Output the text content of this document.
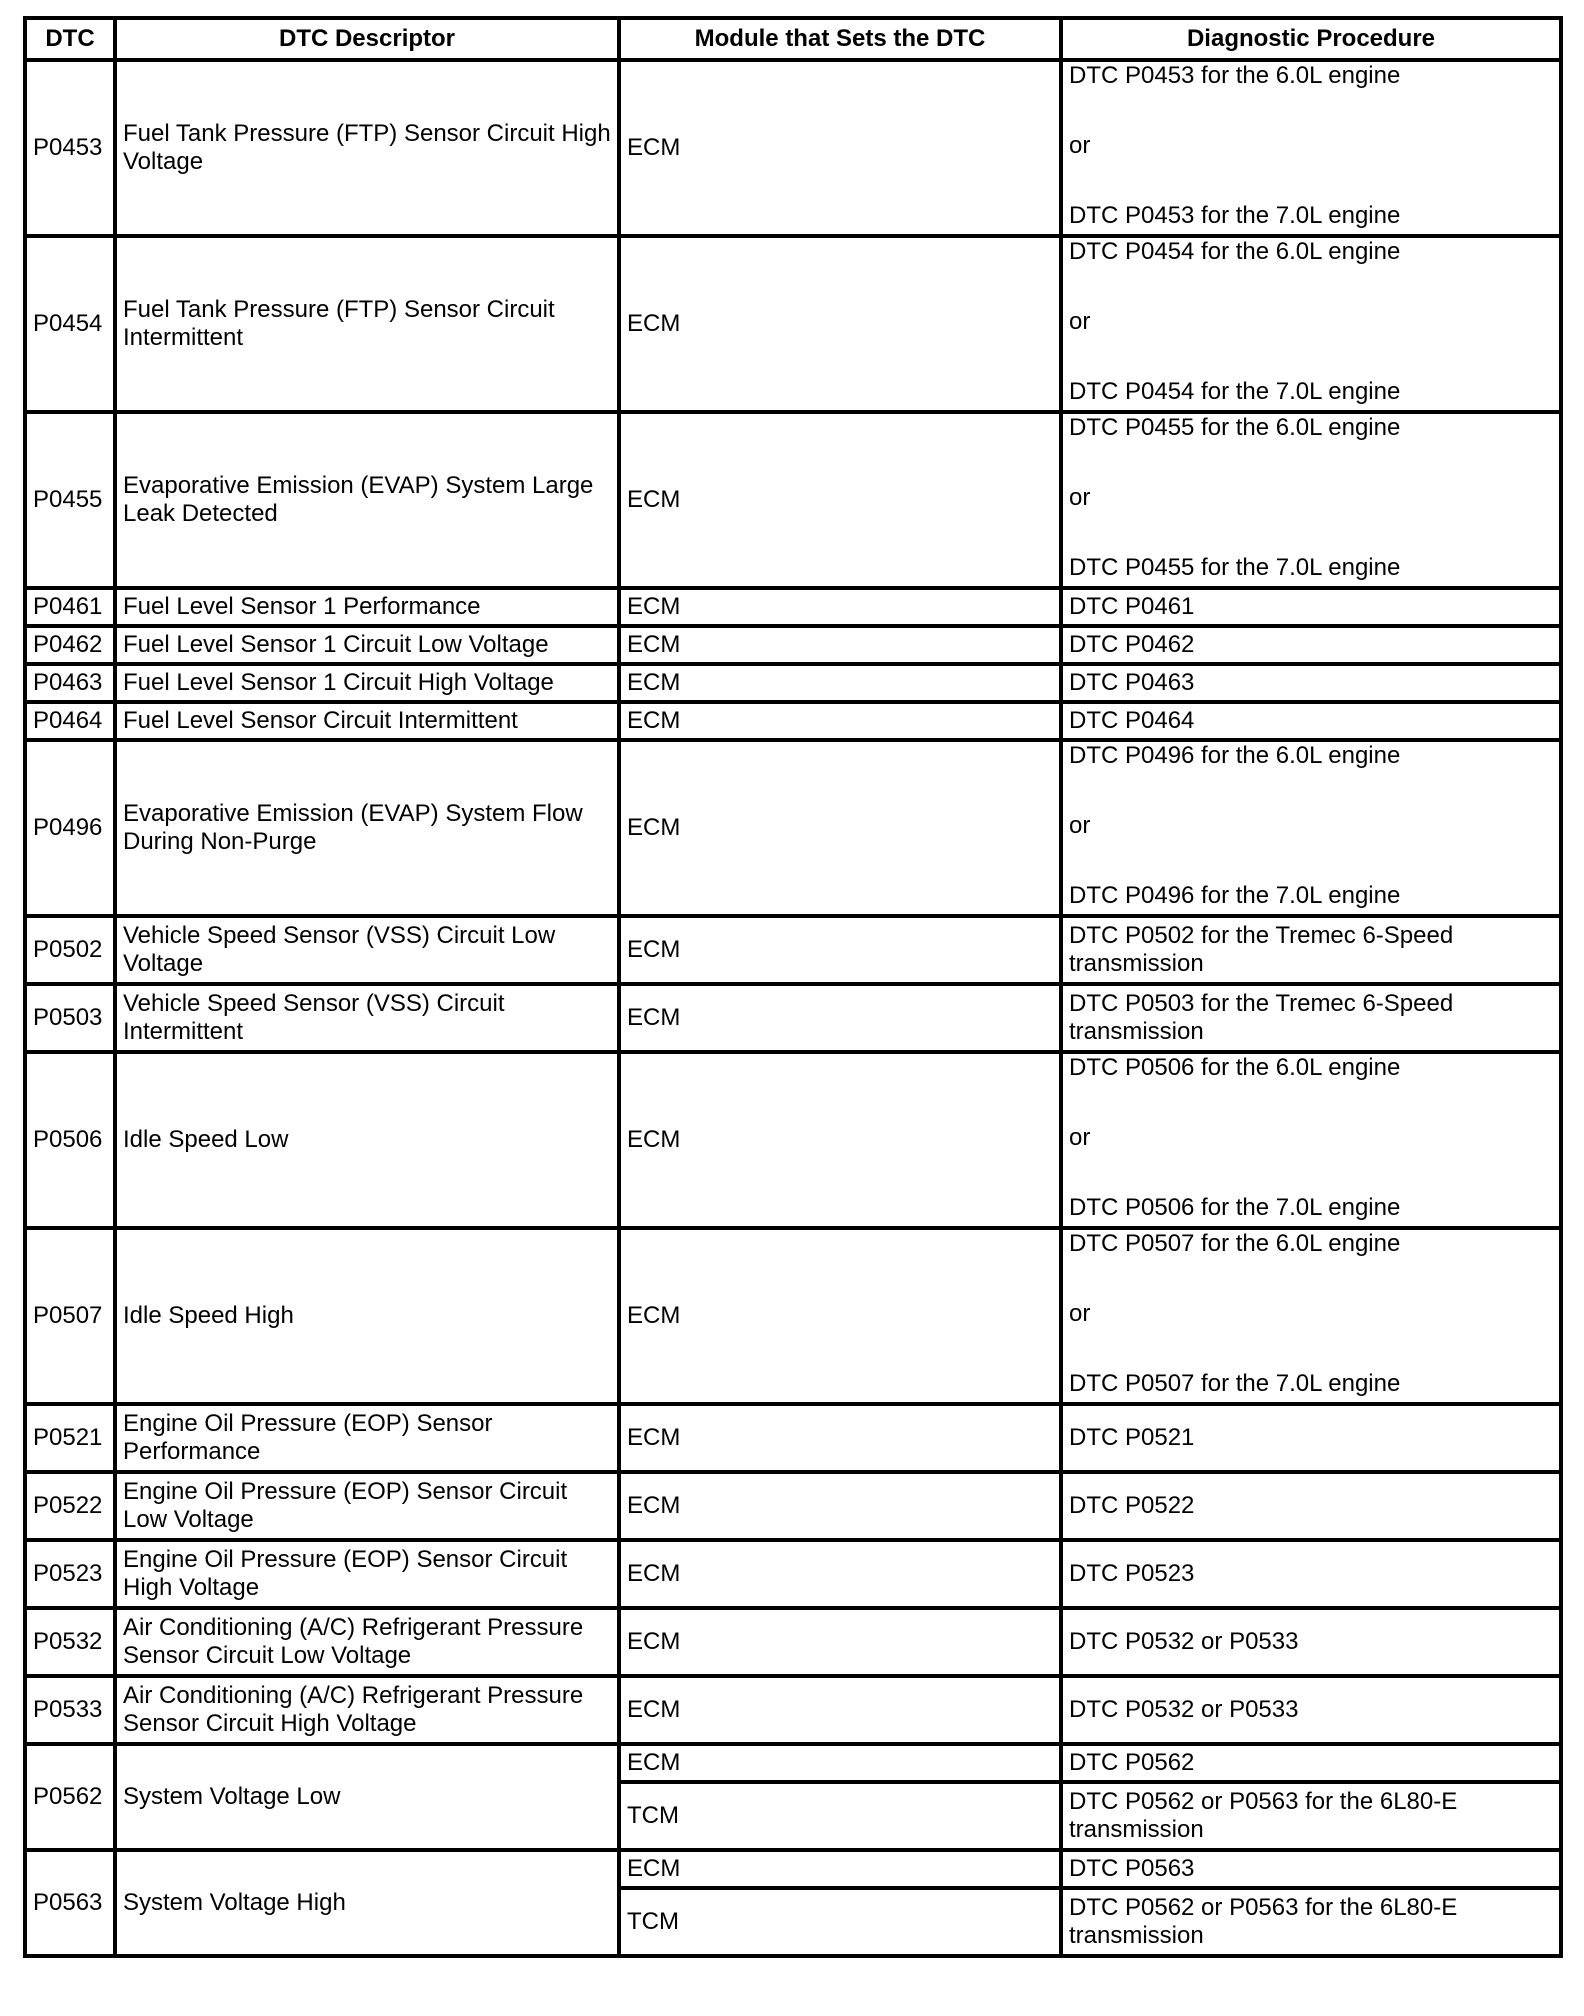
DTC	DTC Descriptor	Module that Sets the DTC	Diagnostic Procedure
P0453	Fuel Tank Pressure (FTP) Sensor Circuit High Voltage	ECM	DTC P0453 for the 6.0L engine
or
DTC P0453 for the 7.0L engine

P0454	Fuel Tank Pressure (FTP) Sensor Circuit Intermittent	ECM	DTC P0454 for the 6.0L engine
or
DTC P0454 for the 7.0L engine

P0455	Evaporative Emission (EVAP) System Large Leak Detected	ECM	DTC P0455 for the 6.0L engine
or
DTC P0455 for the 7.0L engine

P0461	Fuel Level Sensor 1 Performance	ECM	DTC P0461
P0462	Fuel Level Sensor 1 Circuit Low Voltage	ECM	DTC P0462
P0463	Fuel Level Sensor 1 Circuit High Voltage	ECM	DTC P0463
P0464	Fuel Level Sensor Circuit Intermittent	ECM	DTC P0464
P0496	Evaporative Emission (EVAP) System Flow During Non-Purge	ECM	DTC P0496 for the 6.0L engine
or
DTC P0496 for the 7.0L engine

P0502	Vehicle Speed Sensor (VSS) Circuit Low Voltage	ECM	DTC P0502 for the Tremec 6-Speed transmission
P0503	Vehicle Speed Sensor (VSS) Circuit Intermittent	ECM	DTC P0503 for the Tremec 6-Speed transmission
P0506	Idle Speed Low	ECM	DTC P0506 for the 6.0L engine
or
DTC P0506 for the 7.0L engine

P0507	Idle Speed High	ECM	DTC P0507 for the 6.0L engine
or
DTC P0507 for the 7.0L engine

P0521	Engine Oil Pressure (EOP) Sensor Performance	ECM	DTC P0521
P0522	Engine Oil Pressure (EOP) Sensor Circuit Low Voltage	ECM	DTC P0522
P0523	Engine Oil Pressure (EOP) Sensor Circuit High Voltage	ECM	DTC P0523
P0532	Air Conditioning (A/C) Refrigerant Pressure Sensor Circuit Low Voltage	ECM	DTC P0532 or P0533
P0533	Air Conditioning (A/C) Refrigerant Pressure Sensor Circuit High Voltage	ECM	DTC P0532 or P0533
P0562	System Voltage Low	ECM	DTC P0562
		TCM	DTC P0562 or P0563 for the 6L80-E transmission
P0563	System Voltage High	ECM	DTC P0563
		TCM	DTC P0562 or P0563 for the 6L80-E transmission
